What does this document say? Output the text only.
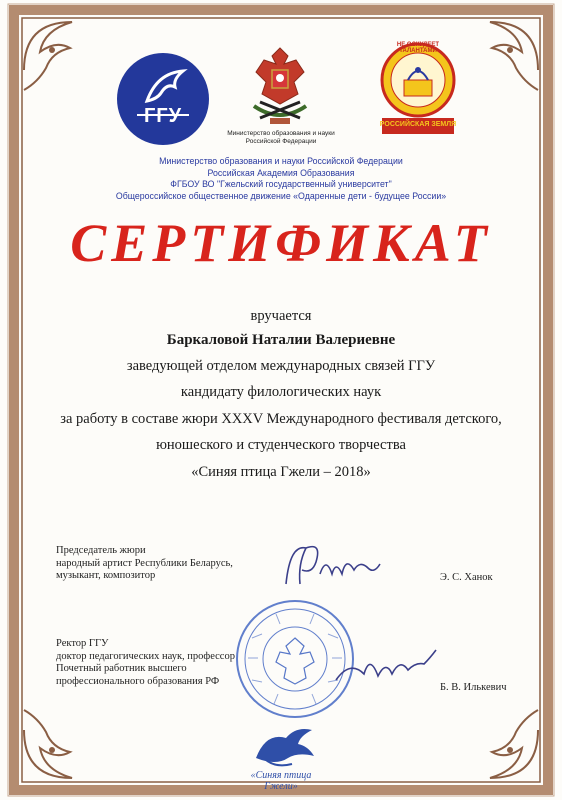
ГГУ
Министерство образования и науки
Российской Федерации
НЕ ОСКУДЕЕТ ТАЛАНТАМИ
РОССИЙСКАЯ ЗЕМЛЯ
Министерство образования и науки Российской Федерации
Российская Академия Образования
ФГБОУ ВО "Гжельский государственный университет"
Общероссийское общественное движение «Одаренные дети - будущее России»
СЕРТИФИКАТ
вручается
Баркаловой Наталии Валериевне
заведующей отделом международных связей ГГУ
кандидату филологических наук
за работу в составе жюри XXXV Международного фестиваля детского,
юношеского и студенческого творчества
«Синяя птица Гжели – 2018»
Председатель жюри
народный артист Республики Беларусь,
музыкант, композитор	Э. С. Ханок
Ректор ГГУ
доктор педагогических наук, профессор
Почетный работник высшего
профессионального образования РФ
Б. В. Илькевич
«Синяя птица Гжели»
